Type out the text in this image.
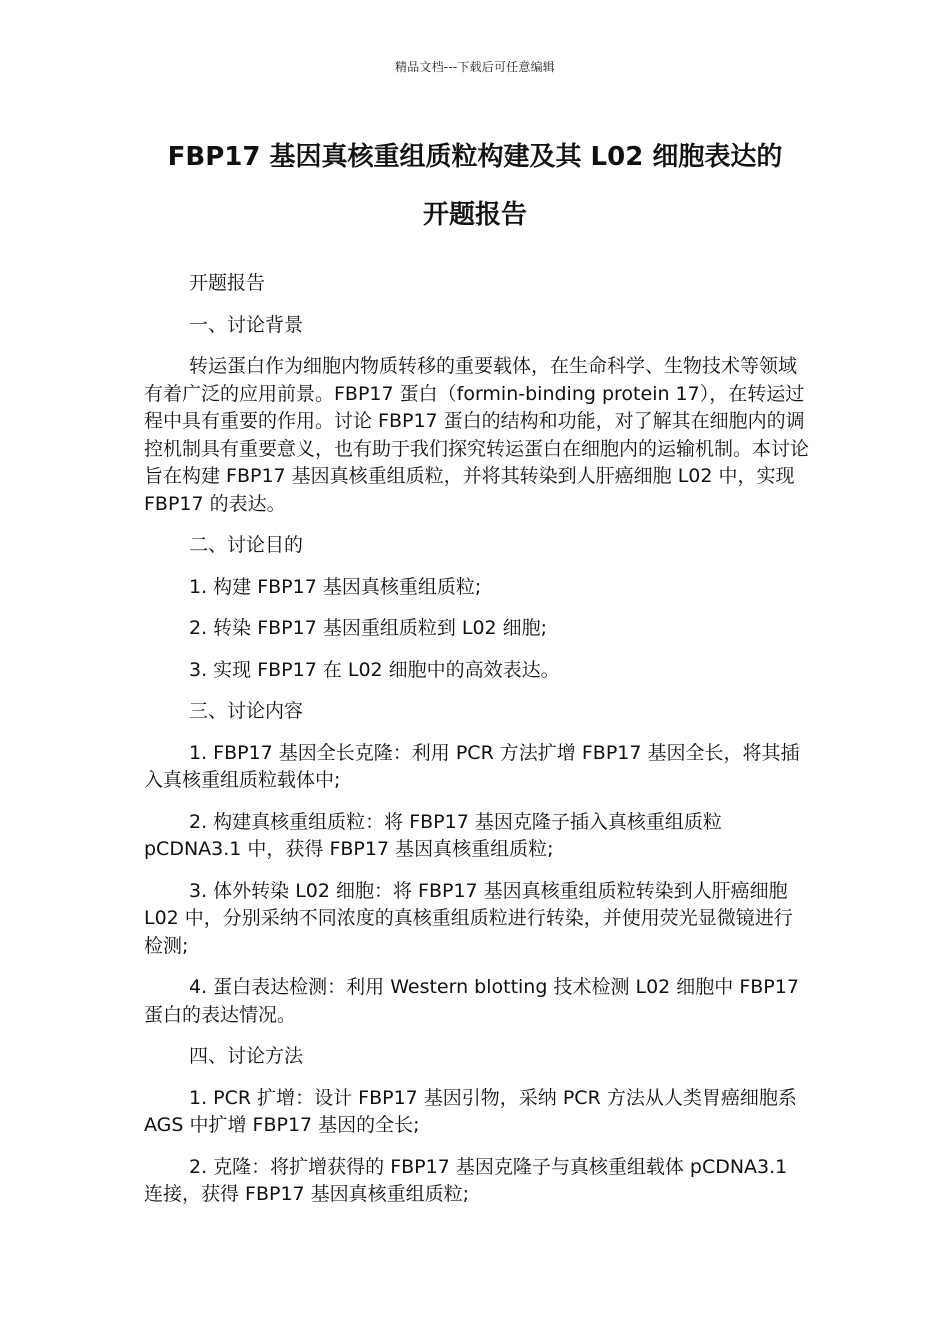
精品文档---下载后可任意编辑
FBP17 基因真核重组质粒构建及其 L02 细胞表达的
开题报告

开题报告

一、讨论背景

转运蛋白作为细胞内物质转移的重要载体，在生命科学、生物技术等领域有着广泛的应用前景。FBP17 蛋白（formin-binding protein 17），在转运过程中具有重要的作用。讨论 FBP17 蛋白的结构和功能，对了解其在细胞内的调控机制具有重要意义，也有助于我们探究转运蛋白在细胞内的运输机制。本讨论旨在构建 FBP17 基因真核重组质粒，并将其转染到人肝癌细胞 L02 中，实现 FBP17 的表达。

二、讨论目的

1. 构建 FBP17 基因真核重组质粒;

2. 转染 FBP17 基因重组质粒到 L02 细胞;

3. 实现 FBP17 在 L02 细胞中的高效表达。

三、讨论内容

1. FBP17 基因全长克隆：利用 PCR 方法扩增 FBP17 基因全长，将其插入真核重组质粒载体中;

2. 构建真核重组质粒：将 FBP17 基因克隆子插入真核重组质粒 pCDNA3.1 中，获得 FBP17 基因真核重组质粒;

3. 体外转染 L02 细胞：将 FBP17 基因真核重组质粒转染到人肝癌细胞 L02 中，分别采纳不同浓度的真核重组质粒进行转染，并使用荧光显微镜进行检测;

4. 蛋白表达检测：利用 Western blotting 技术检测 L02 细胞中 FBP17 蛋白的表达情况。

四、讨论方法

1. PCR 扩增：设计 FBP17 基因引物，采纳 PCR 方法从人类胃癌细胞系 AGS 中扩增 FBP17 基因的全长;

2. 克隆：将扩增获得的 FBP17 基因克隆子与真核重组载体 pCDNA3.1 连接，获得 FBP17 基因真核重组质粒;
